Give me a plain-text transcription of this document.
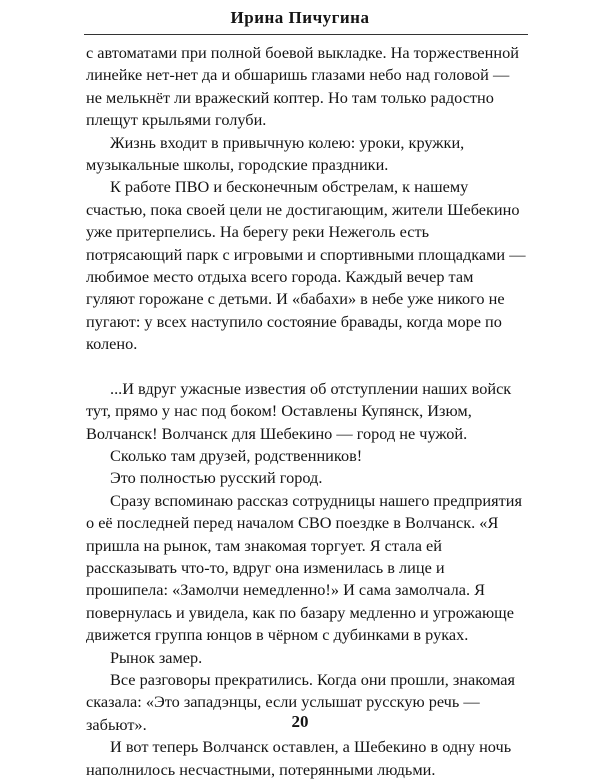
Ирина Пичугина

с автоматами при полной боевой выкладке. На торжественной линейке нет-нет да и обшаришь глазами небо над головой — не мелькнёт ли вражеский коптер. Но там только радостно плещут крыльями голуби.

Жизнь входит в привычную колею: уроки, кружки, музыкальные школы, городские праздники.

К работе ПВО и бесконечным обстрелам, к нашему счастью, пока своей цели не достигающим, жители Шебекино уже притерпелись. На берегу реки Нежеголь есть потрясающий парк с игровыми и спортивными площадками — любимое место отдыха всего города. Каждый вечер там гуляют горожане с детьми. И «бабахи» в небе уже никого не пугают: у всех наступило состояние бравады, когда море по колено.

...И вдруг ужасные известия об отступлении наших войск тут, прямо у нас под боком! Оставлены Купянск, Изюм, Волчанск! Волчанск для Шебекино — город не чужой.

Сколько там друзей, родственников!

Это полностью русский город.

Сразу вспоминаю рассказ сотрудницы нашего предприятия о её последней перед началом СВО поездке в Волчанск. «Я пришла на рынок, там знакомая торгует. Я стала ей рассказывать что-то, вдруг она изменилась в лице и прошипела: «Замолчи немедленно!» И сама замолчала. Я повернулась и увидела, как по базару медленно и угрожающе движется группа юнцов в чёрном с дубинками в руках.

Рынок замер.

Все разговоры прекратились. Когда они прошли, знакомая сказала: «Это западэнцы, если услышат русскую речь — забьют».

И вот теперь Волчанск оставлен, а Шебекино в одну ночь наполнилось несчастными, потерянными людьми.

20
